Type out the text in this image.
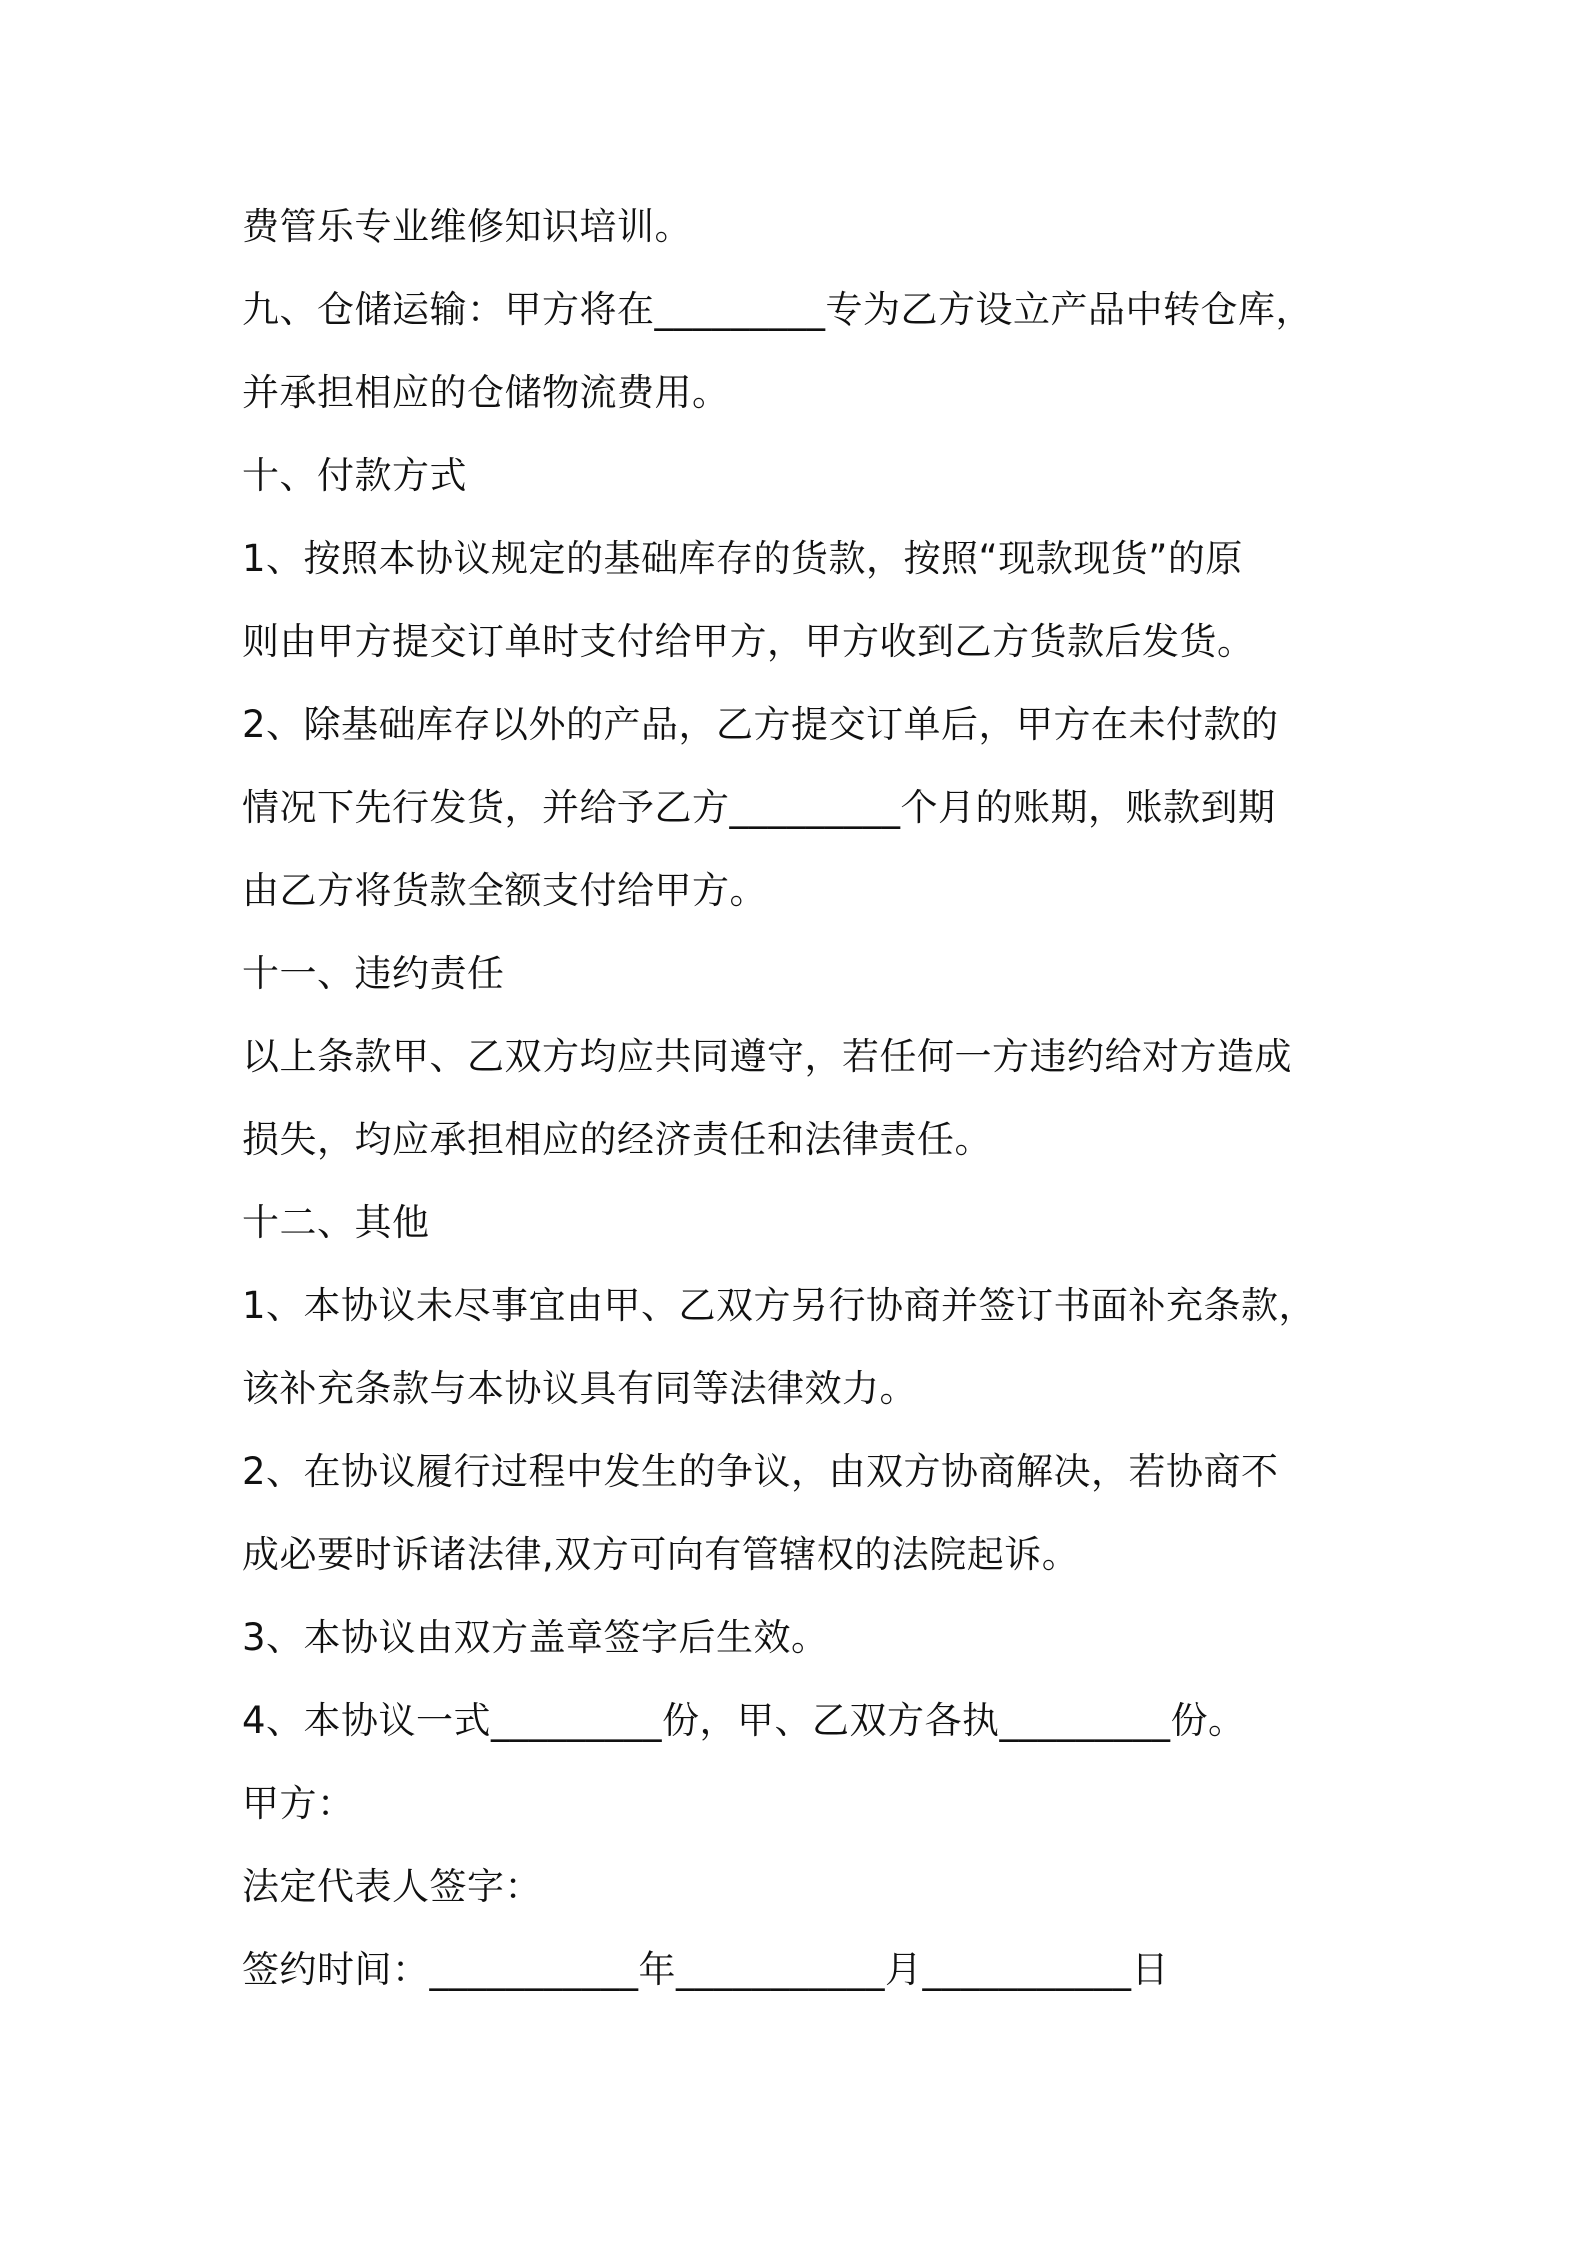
费管乐专业维修知识培训。
九、仓储运输：甲方将在_________专为乙方设立产品中转仓库，
并承担相应的仓储物流费用。
十、付款方式
1、按照本协议规定的基础库存的货款，按照“现款现货”的原
则由甲方提交订单时支付给甲方，甲方收到乙方货款后发货。
2、除基础库存以外的产品，乙方提交订单后，甲方在未付款的
情况下先行发货，并给予乙方_________个月的账期，账款到期
由乙方将货款全额支付给甲方。
十一、违约责任
以上条款甲、乙双方均应共同遵守，若任何一方违约给对方造成
损失，均应承担相应的经济责任和法律责任。
十二、其他
1、本协议未尽事宜由甲、乙双方另行协商并签订书面补充条款，
该补充条款与本协议具有同等法律效力。
2、在协议履行过程中发生的争议，由双方协商解决，若协商不
成必要时诉诸法律,双方可向有管辖权的法院起诉。
3、本协议由双方盖章签字后生效。
4、本协议一式_________份，甲、乙双方各执_________份。
甲方：
法定代表人签字：
签约时间：___________年___________月___________日
